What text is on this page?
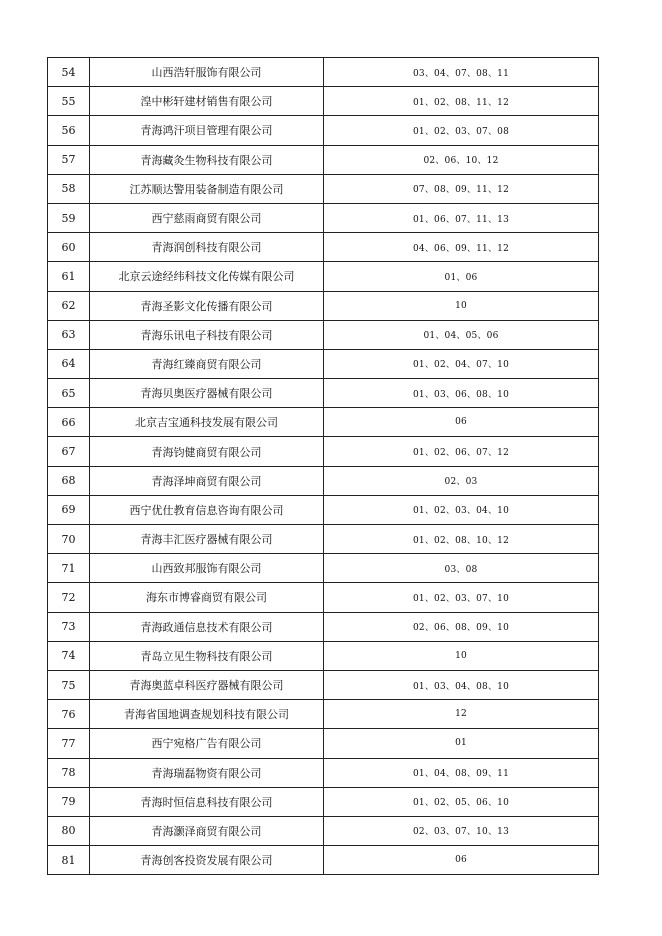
54	山西浩轩服饰有限公司	03、04、07、08、11
55	湟中彬轩建材销售有限公司	01、02、08、11、12
56	青海鸿汗项目管理有限公司	01、02、03、07、08
57	青海藏灸生物科技有限公司	02、06、10、12
58	江苏顺达警用装备制造有限公司	07、08、09、11、12
59	西宁慈雨商贸有限公司	01、06、07、11、13
60	青海润创科技有限公司	04、06、09、11、12
61	北京云途经纬科技文化传媒有限公司	01、06
62	青海圣影文化传播有限公司	10
63	青海乐讯电子科技有限公司	01、04、05、06
64	青海红臻商贸有限公司	01、02、04、07、10
65	青海贝奥医疗器械有限公司	01、03、06、08、10
66	北京吉宝通科技发展有限公司	06
67	青海钧健商贸有限公司	01、02、06、07、12
68	青海泽坤商贸有限公司	02、03
69	西宁优仕教育信息咨询有限公司	01、02、03、04、10
70	青海丰汇医疗器械有限公司	01、02、08、10、12
71	山西致邦服饰有限公司	03、08
72	海东市博睿商贸有限公司	01、02、03、07、10
73	青海政通信息技术有限公司	02、06、08、09、10
74	青岛立见生物科技有限公司	10
75	青海奥蓝卓科医疗器械有限公司	01、03、04、08、10
76	青海省国地调查规划科技有限公司	12
77	西宁宛格广告有限公司	01
78	青海瑞磊物资有限公司	01、04、08、09、11
79	青海时恒信息科技有限公司	01、02、05、06、10
80	青海灏泽商贸有限公司	02、03、07、10、13
81	青海创客投资发展有限公司	06
